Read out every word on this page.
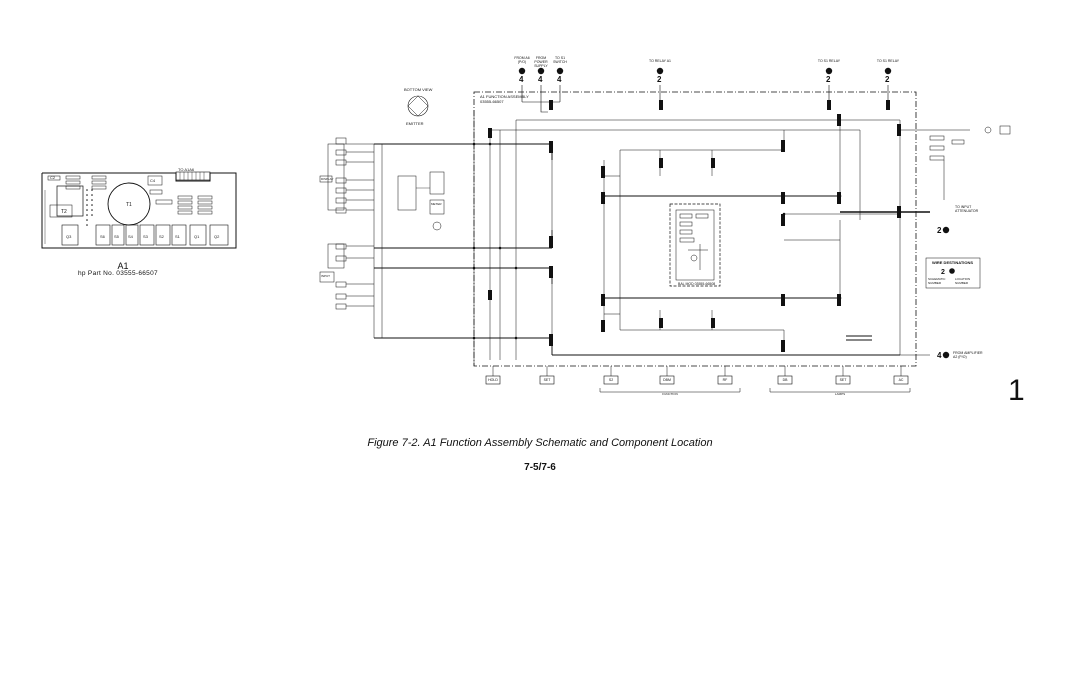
T1
T2
S6 S5 S4	S3	S2	S1	Q1	Q2
Q3
TO A1A6
C2
C4
A1
hp Part No. 03555-66507
4 4 4	2	2	2
2
4
2
BOTTOM VIEW
EMITTER
A1 FUNCTION ASSEMBLY 03555-66507
BAL MOD 03555-66508
FROM A6 (P/O)
FROM POWER SUPPLY
TO S1 SWITCH	TO RELAY A1	TO S1 RELAY	TO S1 RELAY
TO INPUT ATTENUATOR
FROM AMPLIFIER A2 (P/O)
WIRE DESTINATIONS
SCHEMATIC NUMBER
LOCATION NUMBER
HOLD	SET	S2	DBM	RF	DB	SET	AC
FUNCTION	LAMPS
DISPLAY
METER
INPUT
Figure 7-2. A1 Function Assembly Schematic and Component Location
7-5/7-6
1
